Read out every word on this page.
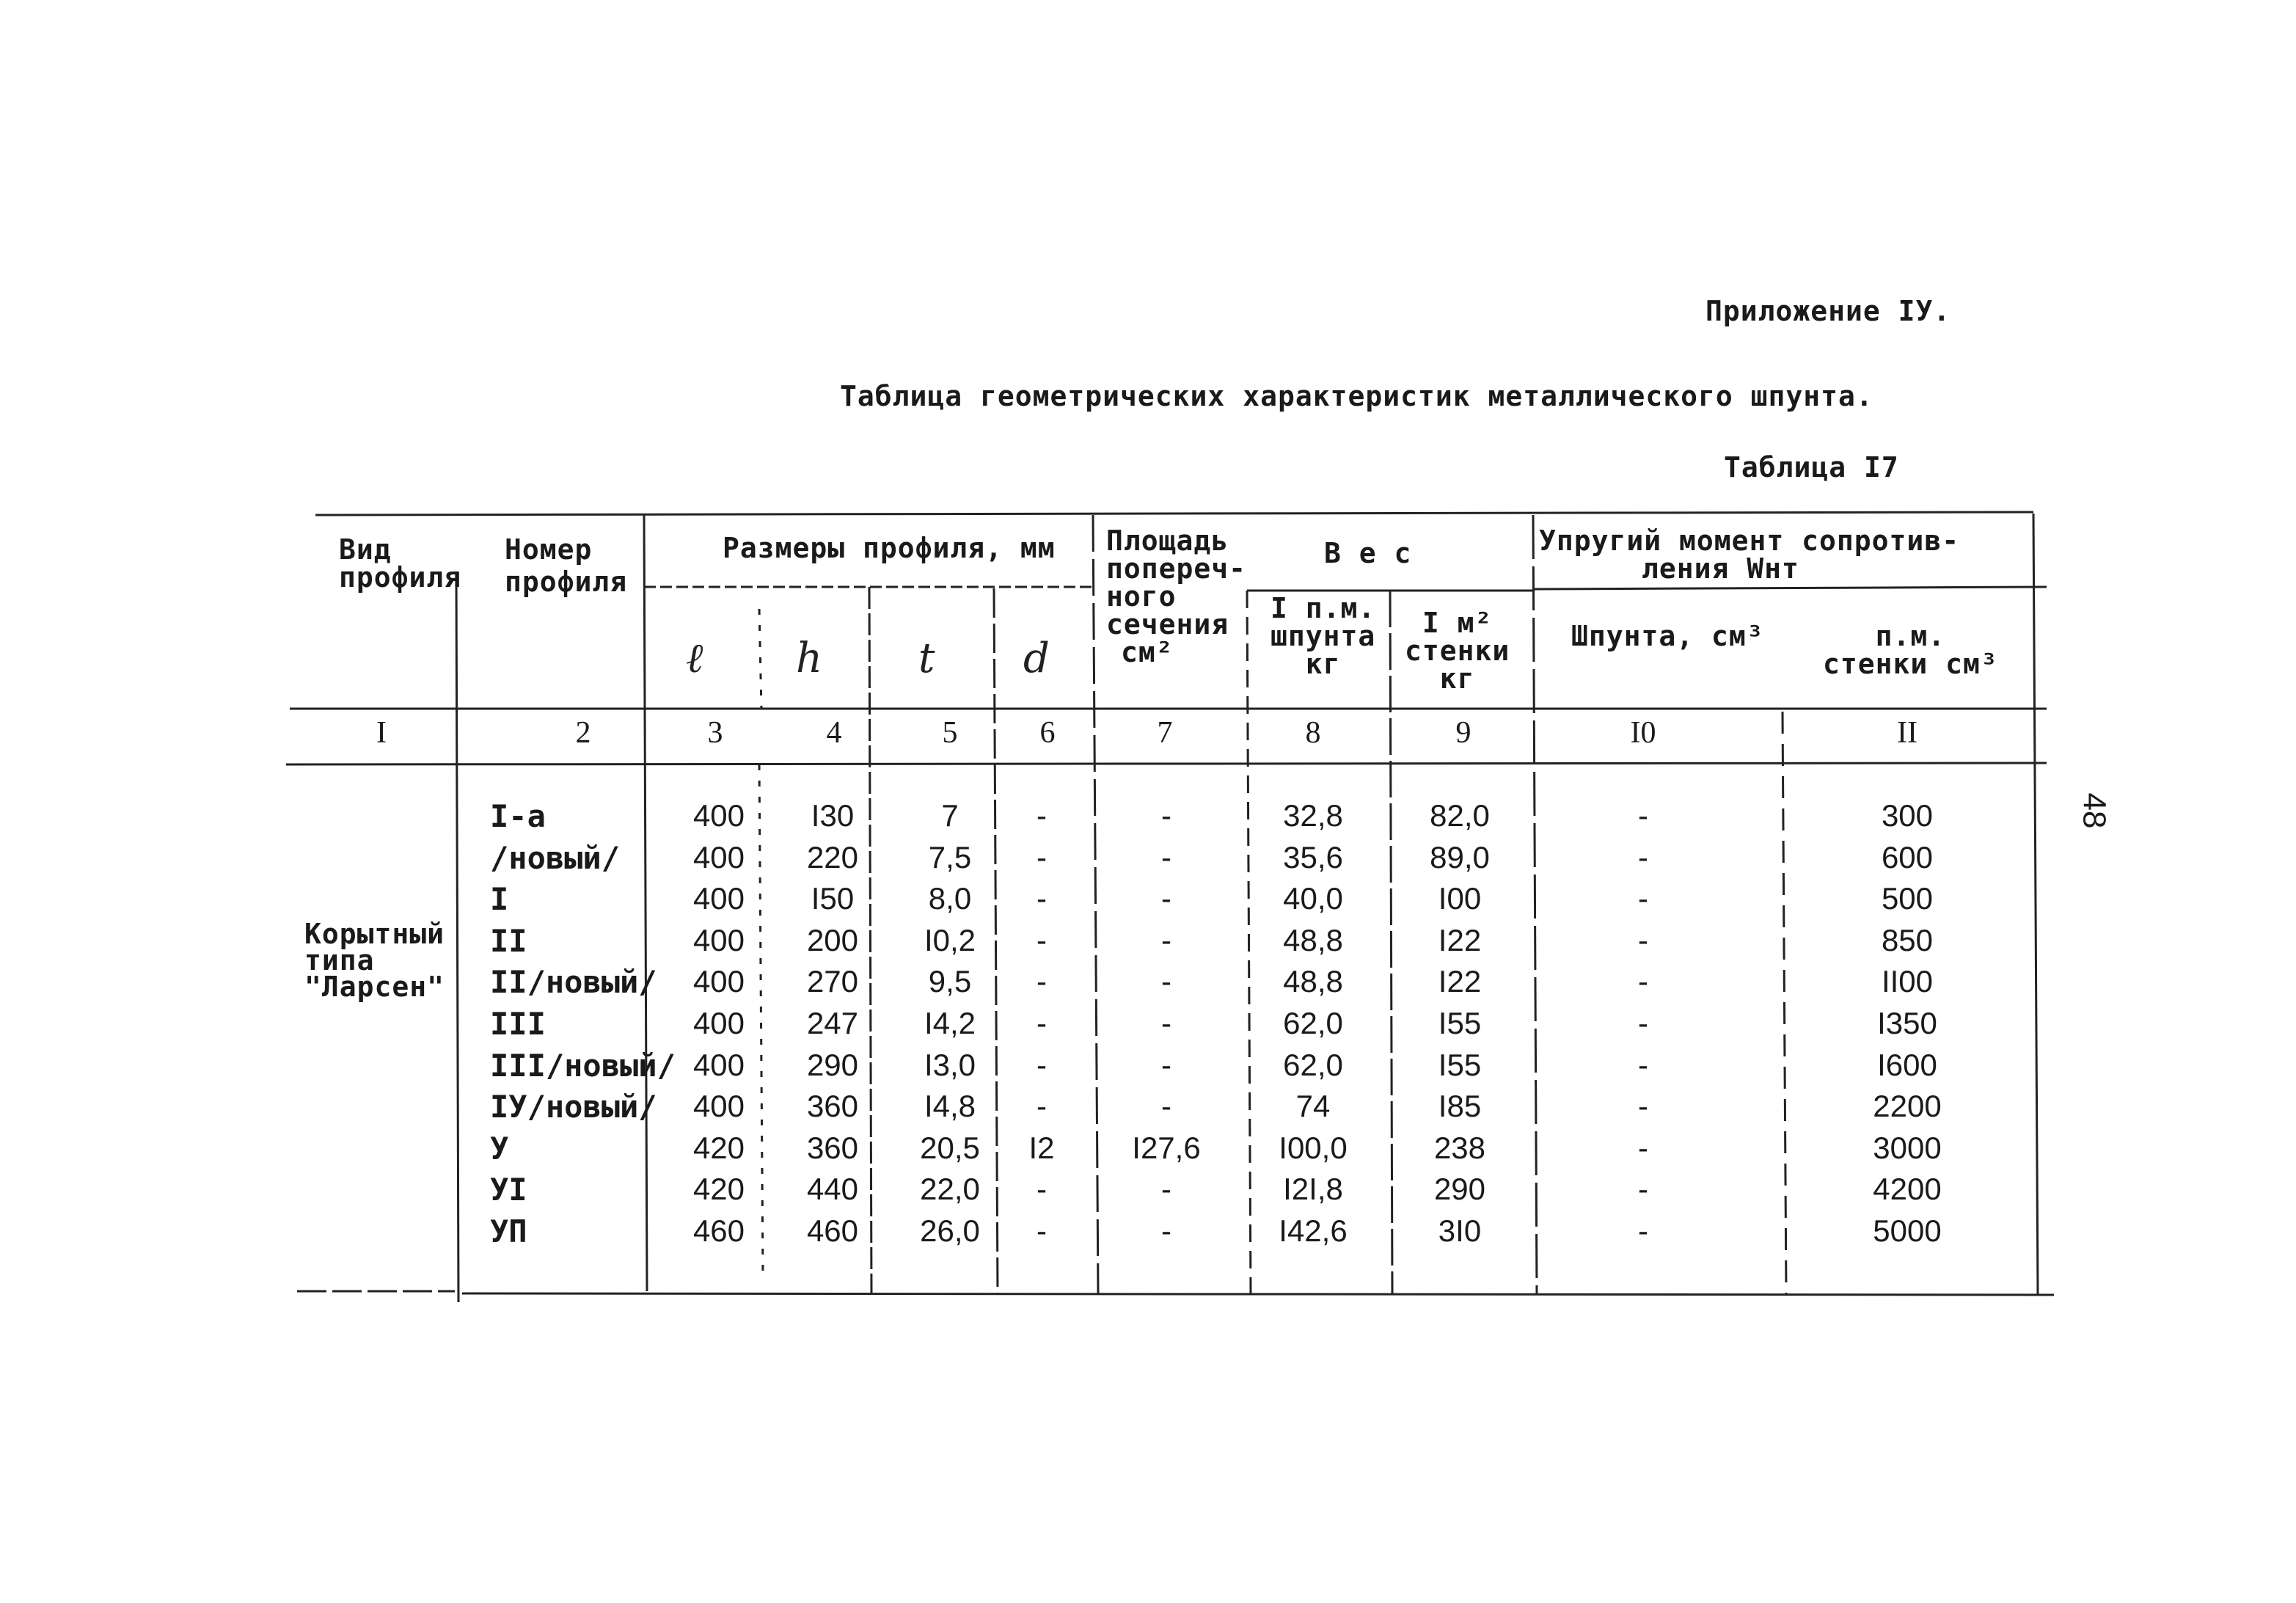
Приложение IУ.
Таблица геометрических характеристик металлического шпунта.
Таблица I7
48
Вид
профиля
Номер
профиля
Размеры профиля, мм
ℓ h t d
Площадь
попереч-
ного
сечения
см²
В е с
I п.м.
шпунта
кг
I м²
стенки
кг
Упругий момент сопротив-
ления Wнт
Шпунта, см³	п.м.
стенки см³
I	2	3	4	5	6	7	8	9	I0	II
Корытный
типа
"Ларсен"
I-а	400	I30	7	-	-	32,8	82,0	-	300
/новый/	400	220	7,5	-	-	35,6	89,0	-	600
I	400	I50	8,0	-	-	40,0	I00	-	500
II	400	200	I0,2	-	-	48,8	I22	-	850
II/новый/	400	270	9,5	-	-	48,8	I22	-	II00
III	400	247	I4,2	-	-	62,0	I55	-	I350
III/новый/ 400	290	I3,0	-	-	62,0	I55	-	I600
IУ/новый/	400	360	I4,8	-	-	74	I85	-	2200
У	420	360	20,5	I2	I27,6	I00,0	238	-	3000
УI	420	440	22,0	-	-	I2I,8	290	-	4200
УП	460	460	26,0	-	-	I42,6	3I0	-	5000
